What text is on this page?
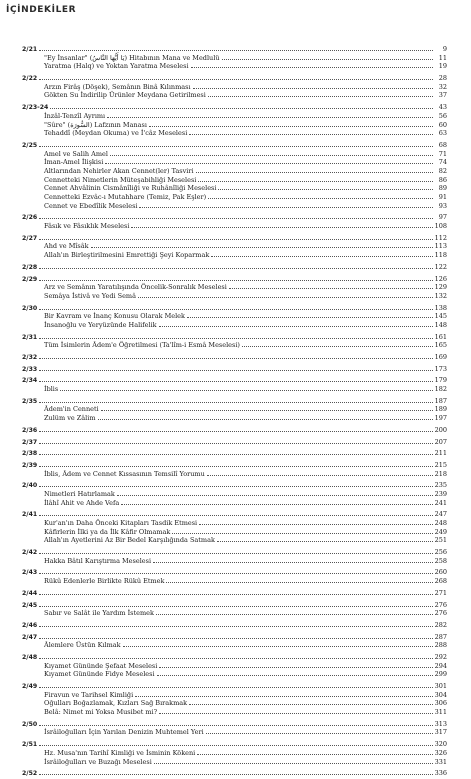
İÇİNDEKİLER
2/21	9
"Ey İnsanlar" (يَا أَيُّهَا النَّاسُ) Hitabının Mana ve Medlulü	11
Yaratma (Halq) ve Yoktan Yaratma Meselesi	19
2/22	28
Arzın Firâş (Döşek), Semânın Binâ Kılınması	32
Gökten Su İndirilip Ürünler Meydana Getirilmesi	37
2/23-24	43
İnzâl-Tenzîl Ayrımı	56
"Sûre" (السُّورَة) Lafzının Manası	60
Tehaddî (Meydan Okuma) ve İ'câz Meselesi	63
2/25	68
Amel ve Salih Amel	71
İman-Amel İlişkisi	74
Altlarından Nehirler Akan Cennet(ler) Tasviri	82
Cennetteki Nimetlerin Müteşabihliği Meselesi	86
Cennet Ahvâlinin Cismânîliği ve Ruhânîliği Meselesi	89
Cennetteki Ezvâc-ı Mutahhare (Temiz, Pak Eşler)	91
Cennet ve Ebedîlik Meselesi	93
2/26	97
Fâsık ve Fâsıklık Meselesi	108
2/27	112
Ahd ve Mîsâk	113
Allah'ın Birleştirilmesini Emrettiği Şeyi Koparmak	118
2/28	122
2/29	126
Arz ve Semânın Yaratılışında Öncelik-Sonralık Meselesi	129
Semâya İstivâ ve Yedi Semâ	132
2/30	138
Bir Kavram ve İnanç Konusu Olarak Melek	145
İnsanoğlu ve Yeryüzünde Halifelik	148
2/31	161
Tüm İsimlerin Âdem'e Öğretilmesi (Ta'lîm-i Esmâ Meselesi)	165
2/32	169
2/33	173
2/34	179
İblis	182
2/35	187
Âdem'in Cenneti	189
Zulüm ve Zâlim	197
2/36	200
2/37	207
2/38	211
2/39	215
İblis, Âdem ve Cennet Kıssasının Temsilî Yorumu	218
2/40	235
Nimetleri Hatırlamak	239
İlâhî Ahit ve Ahde Vefa	241
2/41	247
Kur'an'ın Daha Önceki Kitapları Tasdik Etmesi	248
Kâfirlerin İlki ya da İlk Kâfir Olmamak	249
Allah'ın Ayetlerini Az Bir Bedel Karşılığında Satmak	251
2/42	256
Hakka Bâtıl Karıştırma Meselesi	258
2/43	260
Rükû Edenlerle Birlikte Rükû Etmek	268
2/44	271
2/45	276
Sabır ve Salât ile Yardım İstemek	276
2/46	282
2/47	287
Âlemlere Üstün Kılmak	288
2/48	292
Kıyamet Gününde Şefaat Meselesi	294
Kıyamet Gününde Fidye Meselesi	299
2/49	301
Firavun ve Tarihsel Kimliği	304
Oğulları Boğazlamak, Kızları Sağ Bırakmak	306
Belâ: Nimet mi Yoksa Musibet mi?	311
2/50	313
İsrâiloğulları İçin Yarılan Denizin Muhtemel Yeri	317
2/51	320
Hz. Musa'nın Tarihî Kimliği ve İsminin Kökeni	326
İsrâiloğulları ve Buzağı Meselesi	331
2/52	336
